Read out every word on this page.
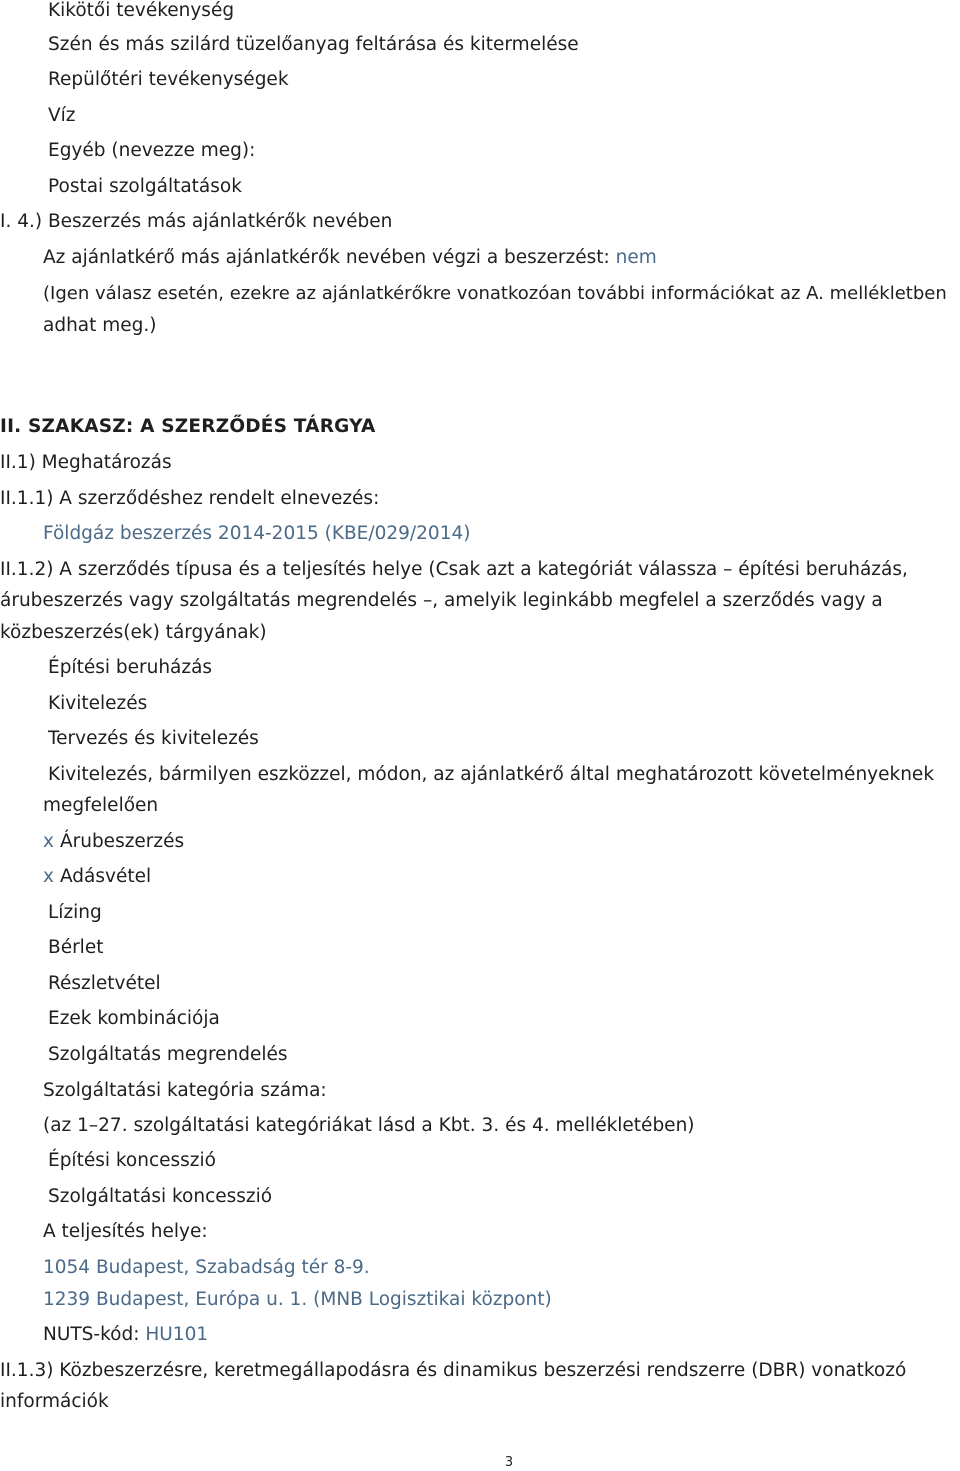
Kikötői tevékenység
Szén és más szilárd tüzelőanyag feltárása és kitermelése
Repülőtéri tevékenységek
Víz
Egyéb (nevezze meg):
Postai szolgáltatások
I. 4.) Beszerzés más ajánlatkérők nevében
Az ajánlatkérő más ajánlatkérők nevében végzi a beszerzést: nem
(Igen válasz esetén, ezekre az ajánlatkérőkre vonatkozóan további információkat az A. mellékletben
adhat meg.)
II. SZAKASZ: A SZERZŐDÉS TÁRGYA
II.1) Meghatározás
II.1.1) A szerződéshez rendelt elnevezés:
Földgáz beszerzés 2014-2015 (KBE/029/2014)
II.1.2) A szerződés típusa és a teljesítés helye (Csak azt a kategóriát válassza – építési beruházás,
árubeszerzés vagy szolgáltatás megrendelés –, amelyik leginkább megfelel a szerződés vagy a
közbeszerzés(ek) tárgyának)
Építési beruházás
Kivitelezés
Tervezés és kivitelezés
Kivitelezés, bármilyen eszközzel, módon, az ajánlatkérő által meghatározott követelményeknek
megfelelően
x Árubeszerzés
x Adásvétel
Lízing
Bérlet
Részletvétel
Ezek kombinációja
Szolgáltatás megrendelés
Szolgáltatási kategória száma:
(az 1–27. szolgáltatási kategóriákat lásd a Kbt. 3. és 4. mellékletében)
Építési koncesszió
Szolgáltatási koncesszió
A teljesítés helye:
1054 Budapest, Szabadság tér 8-9.
1239 Budapest, Európa u. 1. (MNB Logisztikai központ)
NUTS-kód: HU101
II.1.3) Közbeszerzésre, keretmegállapodásra és dinamikus beszerzési rendszerre (DBR) vonatkozó
információk
3
